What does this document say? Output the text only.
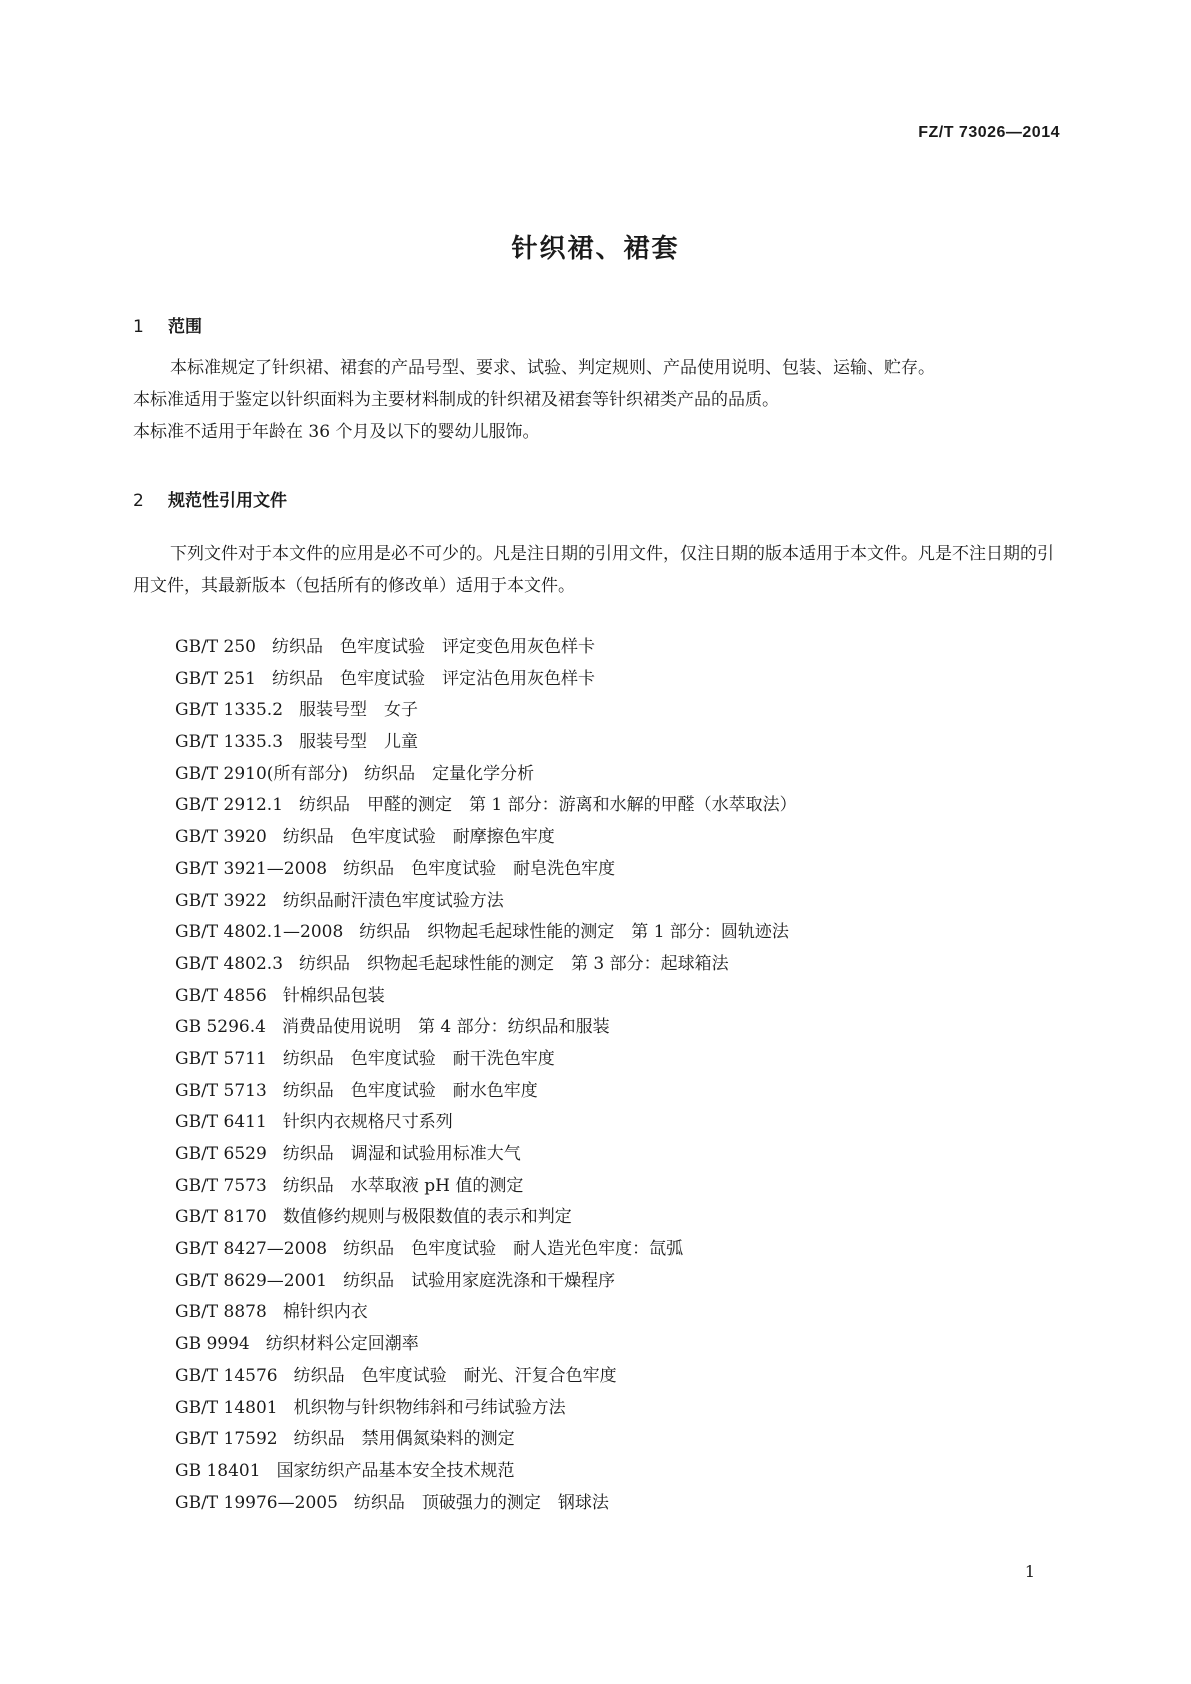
FZ/T 73026—2014
针织裙、裙套
1 范围

本标准规定了针织裙、裙套的产品号型、要求、试验、判定规则、产品使用说明、包装、运输、贮存。
本标准适用于鉴定以针织面料为主要材料制成的针织裙及裙套等针织裙类产品的品质。
本标准不适用于年龄在 36 个月及以下的婴幼儿服饰。

2 规范性引用文件

下列文件对于本文件的应用是必不可少的。凡是注日期的引用文件，仅注日期的版本适用于本文件。凡是不注日期的引用文件，其最新版本（包括所有的修改单）适用于本文件。

GB/T 250 纺织品　色牢度试验　评定变色用灰色样卡
GB/T 251 纺织品　色牢度试验　评定沾色用灰色样卡
GB/T 1335.2 服装号型　女子
GB/T 1335.3 服装号型　儿童
GB/T 2910(所有部分) 纺织品　定量化学分析
GB/T 2912.1 纺织品　甲醛的测定　第 1 部分：游离和水解的甲醛（水萃取法）
GB/T 3920 纺织品　色牢度试验　耐摩擦色牢度
GB/T 3921—2008 纺织品　色牢度试验　耐皂洗色牢度
GB/T 3922 纺织品耐汗渍色牢度试验方法
GB/T 4802.1—2008 纺织品　织物起毛起球性能的测定　第 1 部分：圆轨迹法
GB/T 4802.3 纺织品　织物起毛起球性能的测定　第 3 部分：起球箱法
GB/T 4856 针棉织品包装
GB 5296.4 消费品使用说明　第 4 部分：纺织品和服装
GB/T 5711 纺织品　色牢度试验　耐干洗色牢度
GB/T 5713 纺织品　色牢度试验　耐水色牢度
GB/T 6411 针织内衣规格尺寸系列
GB/T 6529 纺织品　调湿和试验用标准大气
GB/T 7573 纺织品　水萃取液 pH 值的测定
GB/T 8170 数值修约规则与极限数值的表示和判定
GB/T 8427—2008 纺织品　色牢度试验　耐人造光色牢度：氙弧
GB/T 8629—2001 纺织品　试验用家庭洗涤和干燥程序
GB/T 8878 棉针织内衣
GB 9994 纺织材料公定回潮率
GB/T 14576 纺织品　色牢度试验　耐光、汗复合色牢度
GB/T 14801 机织物与针织物纬斜和弓纬试验方法
GB/T 17592 纺织品　禁用偶氮染料的测定
GB 18401 国家纺织产品基本安全技术规范
GB/T 19976—2005 纺织品　顶破强力的测定　钢球法
1
